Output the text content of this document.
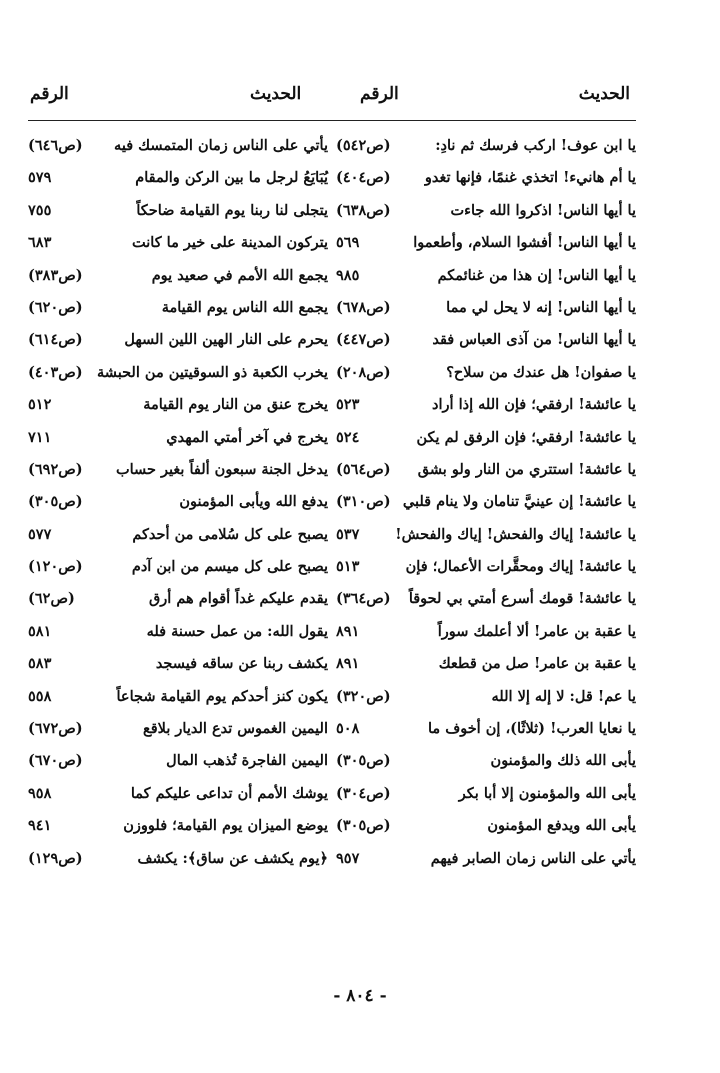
الحديث
الرقم
الحديث
الرقم
يا ابن عوف! اركب فرسك ثم نادِ:
(ص٥٤٢)
يا أم هانيء! اتخذي غنمًا، فإنها تغدو
(ص٤٠٤)
يا أيها الناس! اذكروا الله جاءت
(ص٦٣٨)
يا أيها الناس! أفشوا السلام، وأطعموا
٥٦٩
يا أيها الناس! إن هذا من غنائمكم
٩٨٥
يا أيها الناس! إنه لا يحل لي مما
(ص٦٧٨)
يا أيها الناس! من آذى العباس فقد
(ص٤٤٧)
يا صفوان! هل عندك من سلاح؟
(ص٢٠٨)
يا عائشة! ارفقي؛ فإن الله إذا أراد
٥٢٣
يا عائشة! ارفقي؛ فإن الرفق لم يكن
٥٢٤
يا عائشة! استتري من النار ولو بشق
(ص٥٦٤)
يا عائشة! إن عينيَّ تنامان ولا ينام قلبي
(ص٣١٠)
يا عائشة! إياك والفحش! إياك والفحش!
٥٣٧
يا عائشة! إياك ومحقَّرات الأعمال؛ فإن
٥١٣
يا عائشة! قومك أسرع أمتي بي لحوقاً
(ص٣٦٤)
يا عقبة بن عامر! ألا أعلمك سوراً
٨٩١
يا عقبة بن عامر! صل من قطعك
٨٩١
يا عم! قل: لا إله إلا الله
(ص٣٢٠)
يا نعايا العرب! (ثلاثًا)، إن أخوف ما
٥٠٨
يأبى الله ذلك والمؤمنون
(ص٣٠٥)
يأبى الله والمؤمنون إلا أبا بكر
(ص٣٠٤)
يأبى الله ويدفع المؤمنون
(ص٣٠٥)
يأتي على الناس زمان الصابر فيهم
٩٥٧
يأتي على الناس زمان المتمسك فيه
(ص٦٤٦)
يُبَايَعُ لرجل ما بين الركن والمقام
٥٧٩
يتجلى لنا ربنا يوم القيامة ضاحكاً
٧٥٥
يتركون المدينة على خير ما كانت
٦٨٣
يجمع الله الأمم في صعيد يوم
(ص٣٨٣)
يجمع الله الناس يوم القيامة
(ص٦٢٠)
يحرم على النار الهين اللين السهل
(ص٦١٤)
يخرب الكعبة ذو السوقيتين من الحبشة
(ص٤٠٣)
يخرج عنق من النار يوم القيامة
٥١٢
يخرج في آخر أمتي المهدي
٧١١
يدخل الجنة سبعون ألفاً بغير حساب
(ص٦٩٢)
يدفع الله ويأبى المؤمنون
(ص٣٠٥)
يصبح على كل سُلامى من أحدكم
٥٧٧
يصبح على كل ميسم من ابن آدم
(ص١٢٠)
يقدم عليكم غداً أقوام هم أرق
(ص٦٢)
يقول الله: من عمل حسنة فله
٥٨١
يكشف ربنا عن ساقه فيسجد
٥٨٣
يكون كنز أحدكم يوم القيامة شجاعاً
٥٥٨
اليمين الغموس تدع الديار بلاقع
(ص٦٧٢)
اليمين الفاجرة تُذهب المال
(ص٦٧٠)
يوشك الأمم أن تداعى عليكم كما
٩٥٨
يوضع الميزان يوم القيامة؛ فلووزن
٩٤١
﴿يوم يكشف عن ساق﴾: يكشف
(ص١٢٩)
- ٨٠٤ -
